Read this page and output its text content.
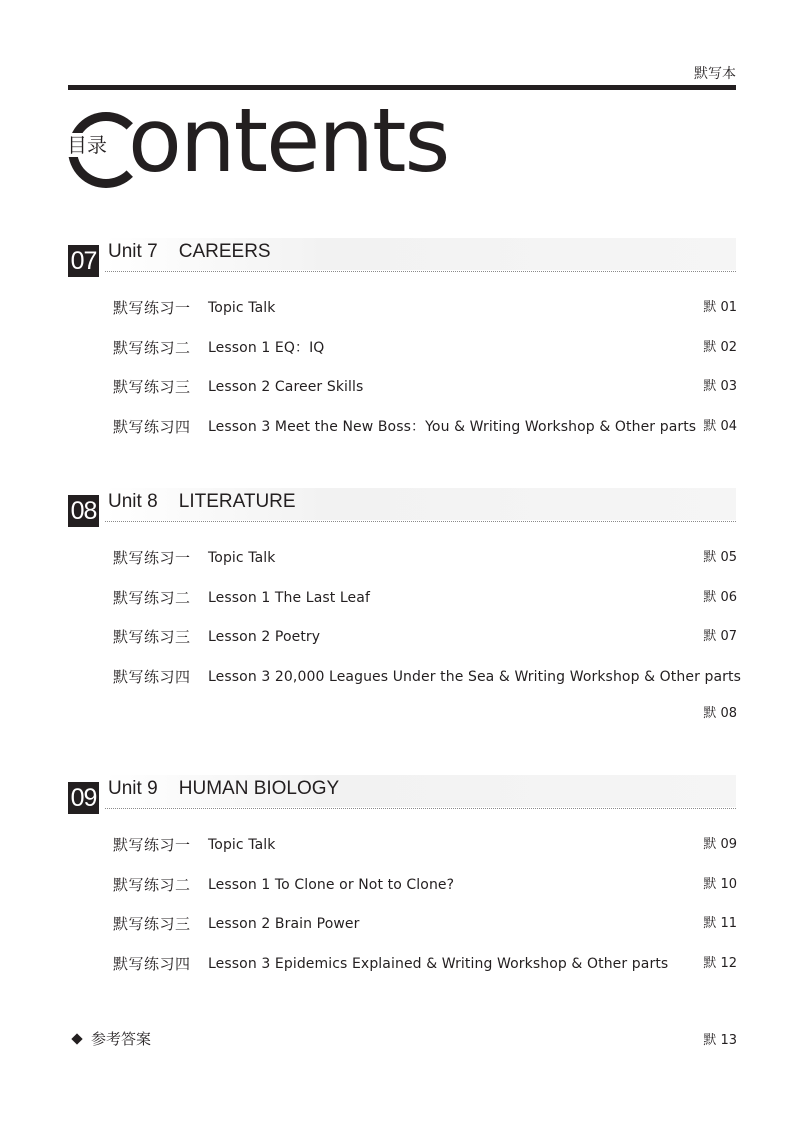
默写本
ontents
目录
07 Unit 7    CAREERS
默写练习一 Topic Talk	默 01
默写练习二 Lesson 1 EQ：IQ	默 02
默写练习三 Lesson 2 Career Skills	默 03
默写练习四 Lesson 3 Meet the New Boss：You & Writing Workshop & Other parts 默 04
08 Unit 8    LITERATURE
默写练习一 Topic Talk	默 05
默写练习二 Lesson 1 The Last Leaf	默 06
默写练习三 Lesson 2 Poetry	默 07
默写练习四 Lesson 3 20,000 Leagues Under the Sea & Writing Workshop & Other parts
默 08
09 Unit 9    HUMAN BIOLOGY
默写练习一 Topic Talk	默 09
默写练习二 Lesson 1 To Clone or Not to Clone?	默 10
默写练习三 Lesson 2 Brain Power	默 11
默写练习四 Lesson 3 Epidemics Explained & Writing Workshop & Other parts	默 12
参考答案	默 13
